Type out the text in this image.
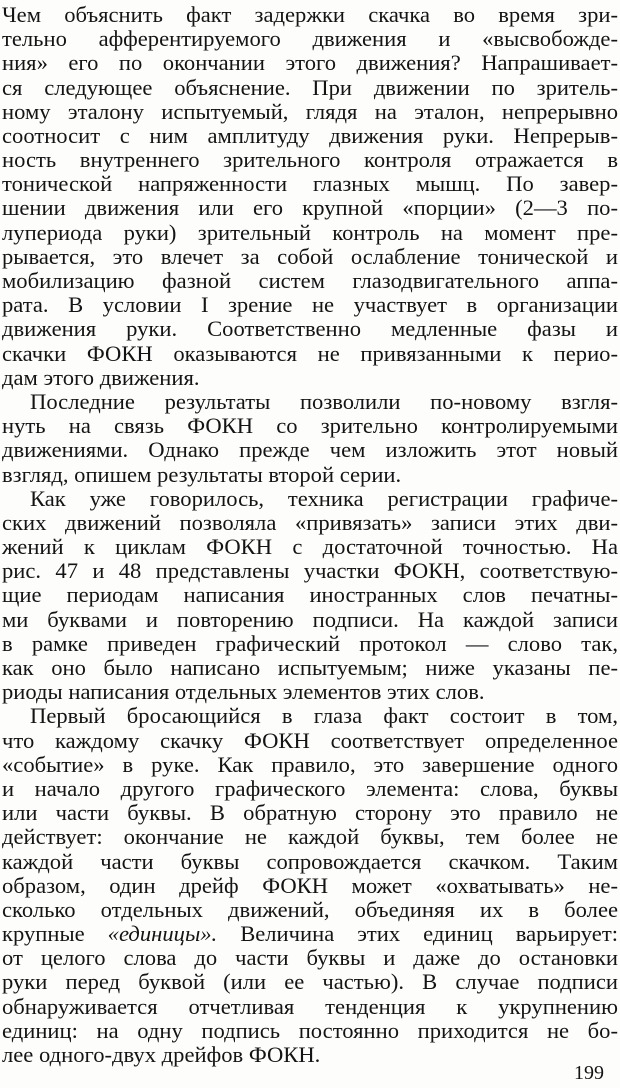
Чем объяснить факт задержки скачка во время зри-
тельно афферентируемого движения и «высвобожде-
ния» его по окончании этого движения? Напрашивает-
ся следующее объяснение. При движении по зритель-
ному эталону испытуемый, глядя на эталон, непрерывно
соотносит с ним амплитуду движения руки. Непрерыв-
ность внутреннего зрительного контроля отражается в
тонической напряженности глазных мышц. По завер-
шении движения или его крупной «порции» (2—3 по-
лупериода руки) зрительный контроль на момент пре-
рывается, это влечет за собой ослабление тонической и
мобилизацию фазной систем глазодвигательного аппа-
рата. В условии I зрение не участвует в организации
движения руки. Соответственно медленные фазы и
скачки ФОКН оказываются не привязанными к перио-
дам этого движения.
Последние результаты позволили по-новому взгля-
нуть на связь ФОКН со зрительно контролируемыми
движениями. Однако прежде чем изложить этот новый
взгляд, опишем результаты второй серии.
Как уже говорилось, техника регистрации графиче-
ских движений позволяла «привязать» записи этих дви-
жений к циклам ФОКН с достаточной точностью. На
рис. 47 и 48 представлены участки ФОКН, соответствую-
щие периодам написания иностранных слов печатны-
ми буквами и повторению подписи. На каждой записи
в рамке приведен графический протокол — слово так,
как оно было написано испытуемым; ниже указаны пе-
риоды написания отдельных элементов этих слов.
Первый бросающийся в глаза факт состоит в том,
что каждому скачку ФОКН соответствует определенное
«событие» в руке. Как правило, это завершение одного
и начало другого графического элемента: слова, буквы
или части буквы. В обратную сторону это правило не
действует: окончание не каждой буквы, тем более не
каждой части буквы сопровождается скачком. Таким
образом, один дрейф ФОКН может «охватывать» не-
сколько отдельных движений, объединяя их в более
крупные «единицы». Величина этих единиц варьирует:
от целого слова до части буквы и даже до остановки
руки перед буквой (или ее частью). В случае подписи
обнаруживается отчетливая тенденция к укрупнению
единиц: на одну подпись постоянно приходится не бо-
лее одного-двух дрейфов ФОКН.
199
